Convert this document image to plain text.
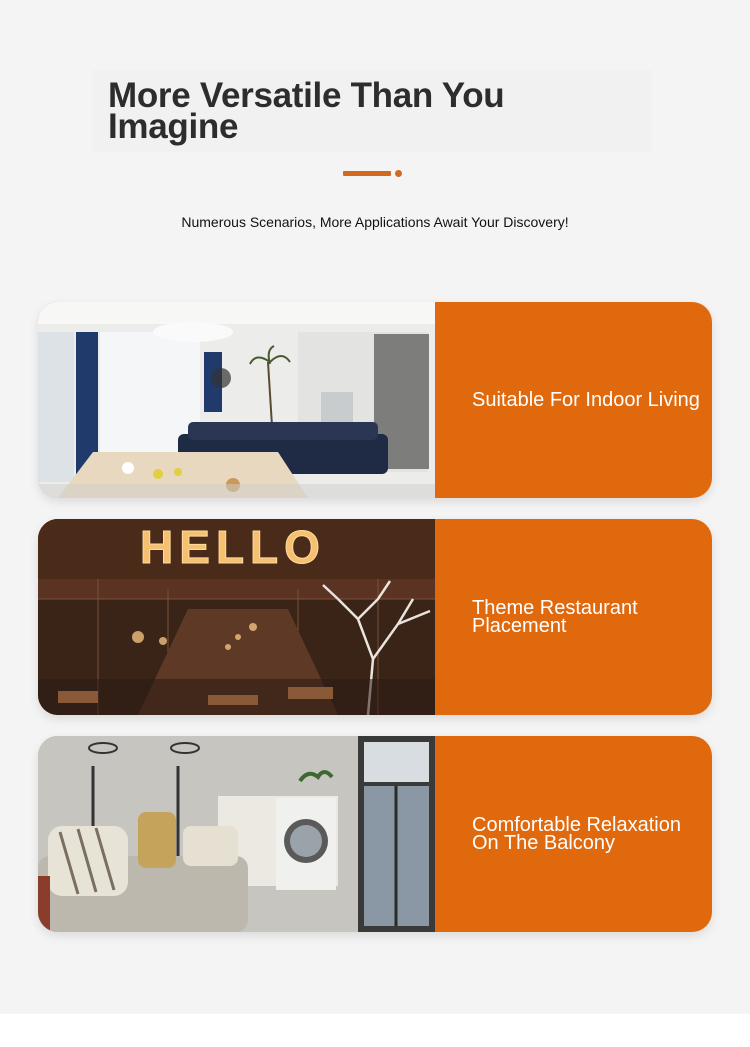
More Versatile Than You Imagine

Numerous Scenarios, More Applications Await Your Discovery!

Suitable For Indoor Living
HELLO
Theme Restaurant Placement
Comfortable Relaxation On The Balcony
